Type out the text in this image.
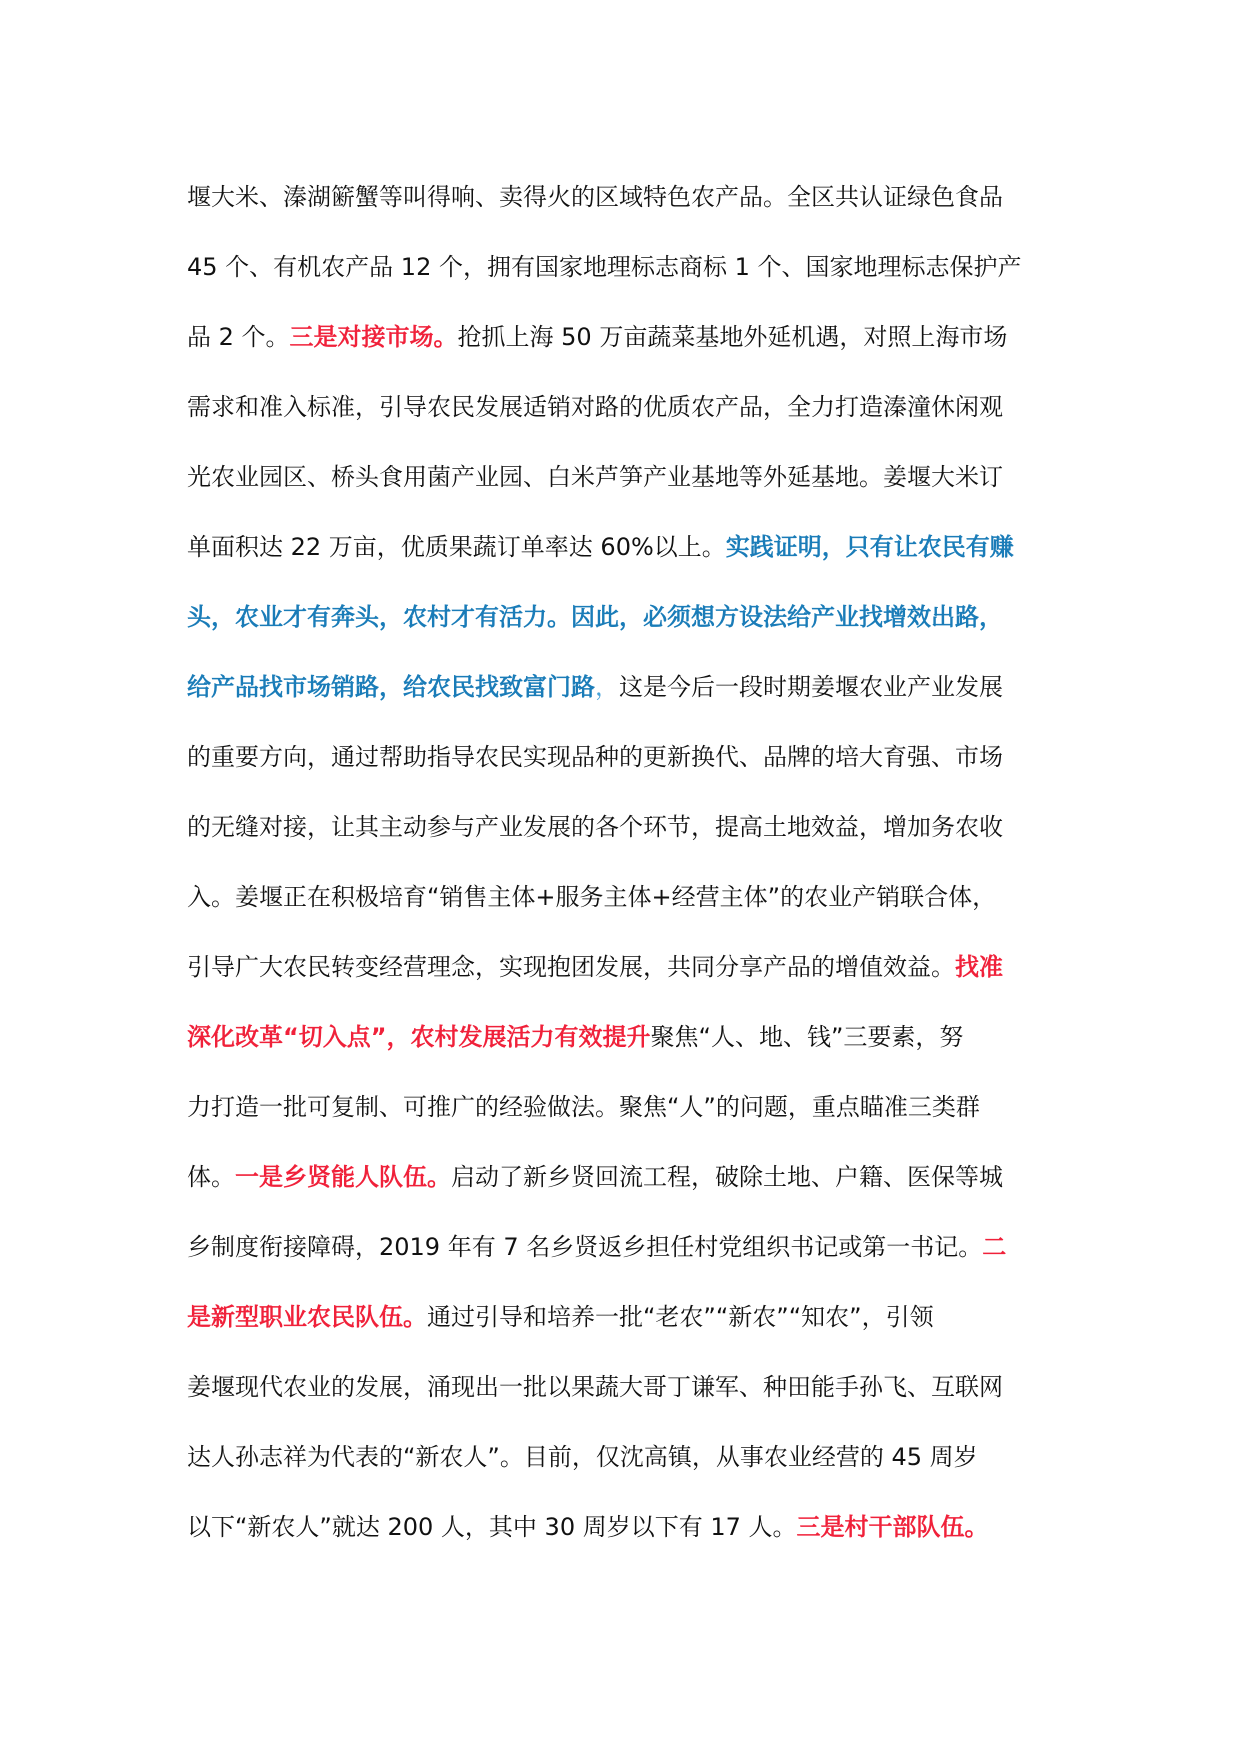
堰大米、溱湖簖蟹等叫得响、卖得火的区域特色农产品。全区共认证绿色食品
45 个、有机农产品 12 个，拥有国家地理标志商标 1 个、国家地理标志保护产
品 2 个。三是对接市场。抢抓上海 50 万亩蔬菜基地外延机遇，对照上海市场
需求和准入标准，引导农民发展适销对路的优质农产品，全力打造溱潼休闲观
光农业园区、桥头食用菌产业园、白米芦笋产业基地等外延基地。姜堰大米订
单面积达 22 万亩，优质果蔬订单率达 60%以上。实践证明，只有让农民有赚
头，农业才有奔头，农村才有活力。因此，必须想方设法给产业找增效出路，
给产品找市场销路，给农民找致富门路，这是今后一段时期姜堰农业产业发展
的重要方向，通过帮助指导农民实现品种的更新换代、品牌的培大育强、市场
的无缝对接，让其主动参与产业发展的各个环节，提高土地效益，增加务农收
入。姜堰正在积极培育“销售主体+服务主体+经营主体”的农业产销联合体，
引导广大农民转变经营理念，实现抱团发展，共同分享产品的增值效益。找准
深化改革“切入点”，农村发展活力有效提升聚焦“人、地、钱”三要素，努
力打造一批可复制、可推广的经验做法。聚焦“人”的问题，重点瞄准三类群
体。一是乡贤能人队伍。启动了新乡贤回流工程，破除土地、户籍、医保等城
乡制度衔接障碍，2019 年有 7 名乡贤返乡担任村党组织书记或第一书记。二
是新型职业农民队伍。通过引导和培养一批“老农”“新农”“知农”，引领
姜堰现代农业的发展，涌现出一批以果蔬大哥丁谦军、种田能手孙飞、互联网
达人孙志祥为代表的“新农人”。目前，仅沈高镇，从事农业经营的 45 周岁
以下“新农人”就达 200 人，其中 30 周岁以下有 17 人。三是村干部队伍。
